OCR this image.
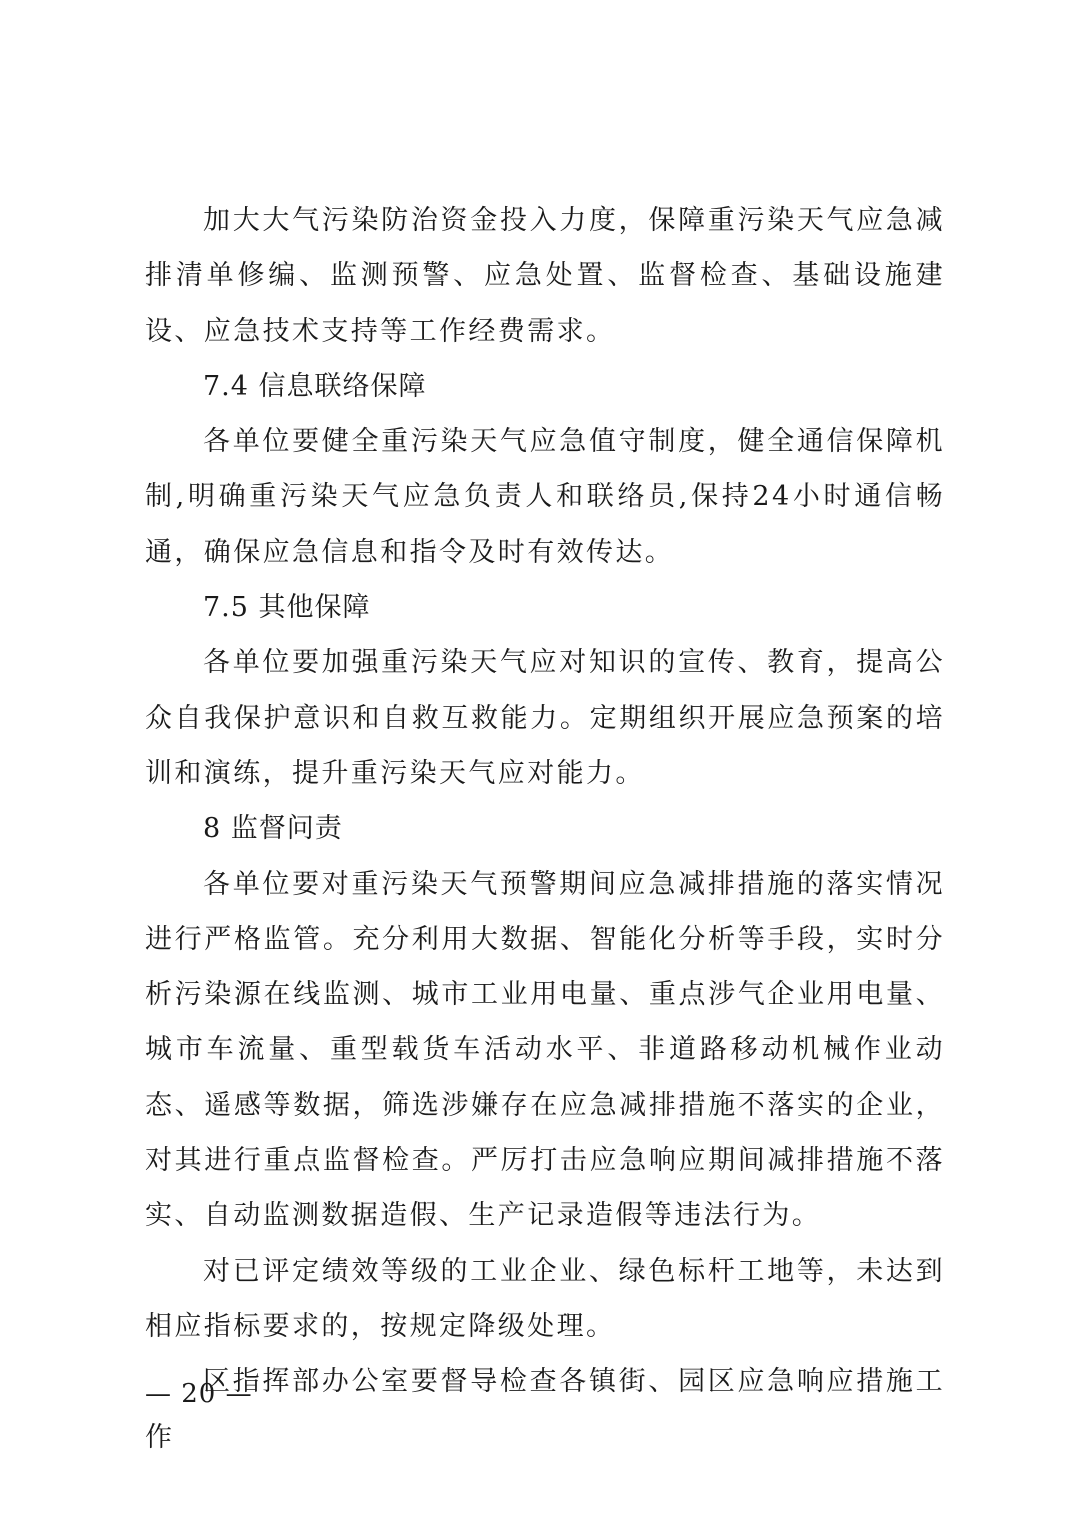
加大大气污染防治资金投入力度，保障重污染天气应急减排清单修编、监测预警、应急处置、监督检查、基础设施建设、应急技术支持等工作经费需求。

7.4 信息联络保障

各单位要健全重污染天气应急值守制度，健全通信保障机制,明确重污染天气应急负责人和联络员,保持24小时通信畅通，确保应急信息和指令及时有效传达。

7.5 其他保障

各单位要加强重污染天气应对知识的宣传、教育，提高公众自我保护意识和自救互救能力。定期组织开展应急预案的培训和演练，提升重污染天气应对能力。

8 监督问责

各单位要对重污染天气预警期间应急减排措施的落实情况进行严格监管。充分利用大数据、智能化分析等手段，实时分析污染源在线监测、城市工业用电量、重点涉气企业用电量、城市车流量、重型载货车活动水平、非道路移动机械作业动态、遥感等数据，筛选涉嫌存在应急减排措施不落实的企业，对其进行重点监督检查。严厉打击应急响应期间减排措施不落实、自动监测数据造假、生产记录造假等违法行为。

对已评定绩效等级的工业企业、绿色标杆工地等，未达到相应指标要求的，按规定降级处理。

区指挥部办公室要督导检查各镇街、园区应急响应措施工作

— 20 —
